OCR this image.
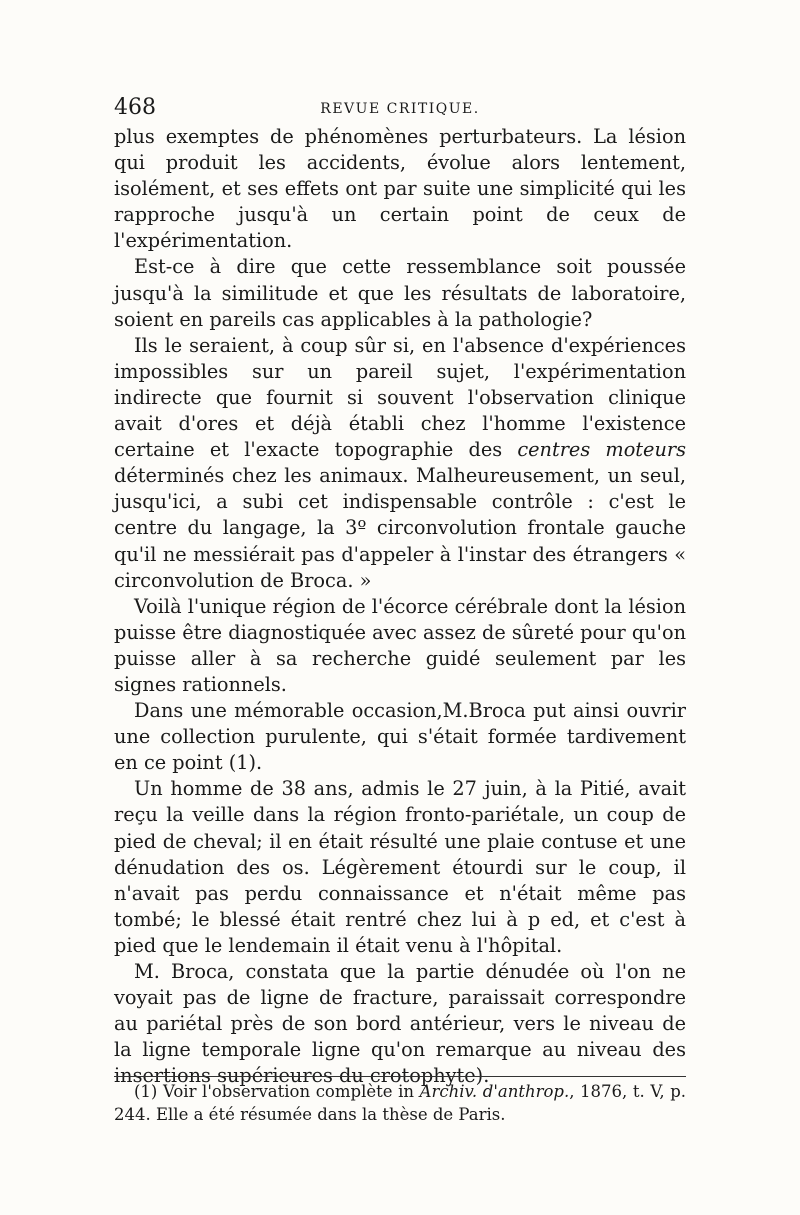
468	REVUE CRITIQUE.

plus exemptes de phénomènes perturbateurs. La lésion qui produit les accidents, évolue alors lentement, isolément, et ses effets ont par suite une simplicité qui les rapproche jusqu'à un certain point de ceux de l'expérimentation.

Est-ce à dire que cette ressemblance soit poussée jusqu'à la similitude et que les résultats de laboratoire, soient en pareils cas applicables à la pathologie?

Ils le seraient, à coup sûr si, en l'absence d'expériences impossibles sur un pareil sujet, l'expérimentation indirecte que fournit si souvent l'observation clinique avait d'ores et déjà établi chez l'homme l'existence certaine et l'exacte topographie des centres moteurs déterminés chez les animaux. Malheureusement, un seul, jusqu'ici, a subi cet indispensable contrôle : c'est le centre du langage, la 3º circonvolution frontale gauche qu'il ne messiérait pas d'appeler à l'instar des étrangers « circonvolution de Broca. »

Voilà l'unique région de l'écorce cérébrale dont la lésion puisse être diagnostiquée avec assez de sûreté pour qu'on puisse aller à sa recherche guidé seulement par les signes rationnels.

Dans une mémorable occasion,M.Broca put ainsi ouvrir une collection purulente, qui s'était formée tardivement en ce point (1).

Un homme de 38 ans, admis le 27 juin, à la Pitié, avait reçu la veille dans la région fronto-pariétale, un coup de pied de cheval; il en était résulté une plaie contuse et une dénudation des os. Légèrement étourdi sur le coup, il n'avait pas perdu connaissance et n'était même pas tombé; le blessé était rentré chez lui à p ed, et c'est à pied que le lendemain il était venu à l'hôpital.

M. Broca, constata que la partie dénudée où l'on ne voyait pas de ligne de fracture, paraissait correspondre au pariétal près de son bord antérieur, vers le niveau de la ligne temporale ligne qu'on remarque au niveau des insertions supérieures du crotophyte).

(1) Voir l'observation complète in Archiv. d'anthrop., 1876, t. V, p. 244. Elle a été résumée dans la thèse de Paris.
